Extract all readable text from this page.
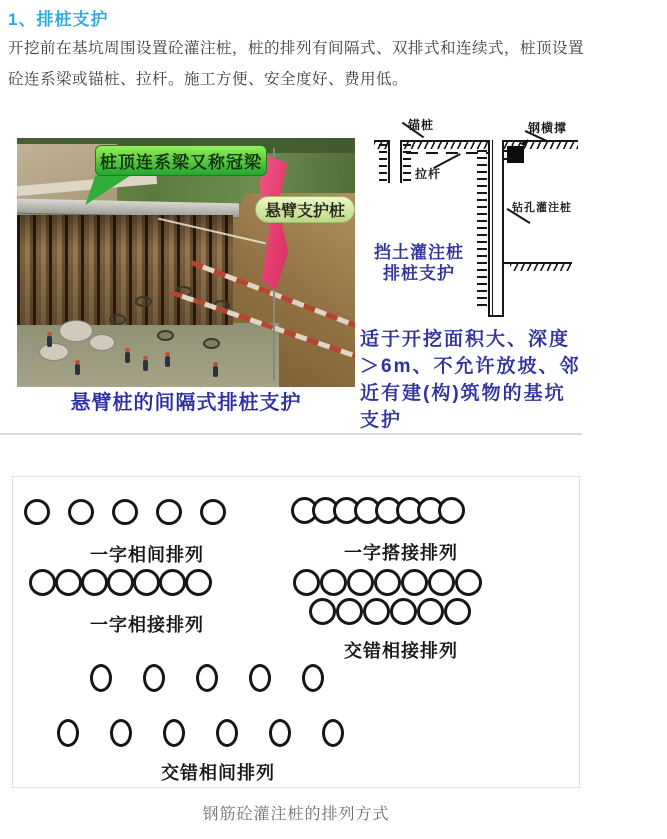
1、排桩支护
开挖前在基坑周围设置砼灌注桩，桩的排列有间隔式、双排式和连续式，桩顶设置
砼连系梁或锚桩、拉杆。施工方便、安全度好、费用低。
桩顶连系梁又称冠梁
悬臂支护桩
悬臂桩的间隔式排桩支护
锚桩	钢横撑
拉杆
钻孔灌注桩
挡土灌注桩
排桩支护
适于开挖面积大、深度
＞6m、不允许放坡、邻
近有建(构)筑物的基坑
支护
一字相间排列	一字搭接排列
一字相接排列
交错相接排列
交错相间排列
钢筋砼灌注桩的排列方式
